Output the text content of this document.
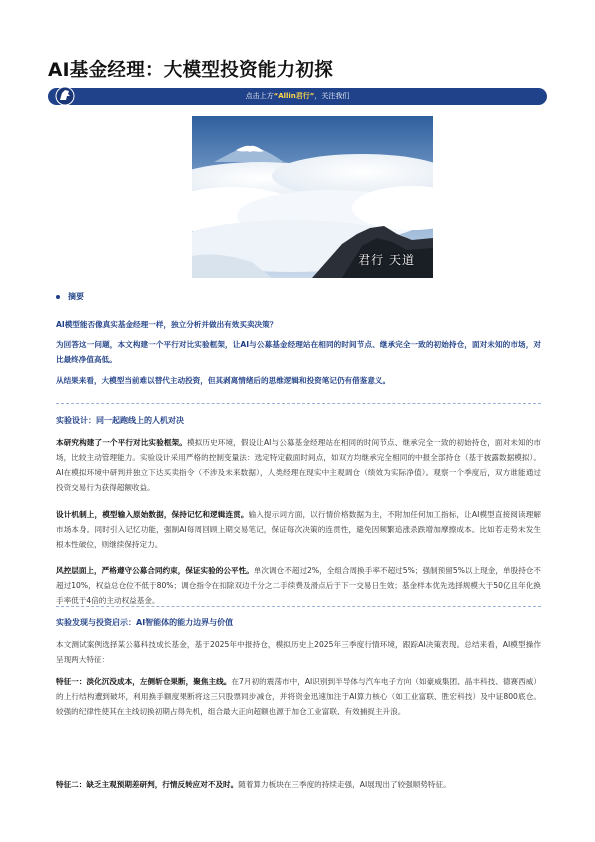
AI基金经理：大模型投资能力初探
点击上方“Allin君行”，关注我们
君行 天道
摘要

AI模型能否像真实基金经理一样，独立分析并做出有效买卖决策？

为回答这一问题，本文构建一个平行对比实验框架，让AI与公募基金经理站在相同的时间节点、继承完全一致的初始持仓，面对未知的市场，对比最终净值高低。

从结果来看，大模型当前难以替代主动投资，但其剥离情绪后的思维逻辑和投资笔记仍有借鉴意义。

实验设计：同一起跑线上的人机对决

本研究构建了一个平行对比实验框架。模拟历史环境，假设让AI与公募基金经理站在相同的时间节点、继承完全一致的初始持仓，面对未知的市场，比较主动管理能力。实验设计采用严格的控制变量法：选定特定截面时间点，如双方均继承完全相同的中报全部持仓（基于披露数据模拟）。AI在模拟环境中研判并独立下达买卖指令（不涉及未来数据），人类经理在现实中主观调仓（绩效为实际净值）。观察一个季度后，双方谁能通过投资交易行为获得超额收益。

设计机制上，模型输入原始数据，保持记忆和逻辑连贯。输入提示词方面，以行情价格数据为主，不附加任何加工指标，让AI模型直接阅读理解市场本身。同时引入记忆功能，强制AI每周回顾上期交易笔记，保证每次决策的连贯性，避免因频繁追涨杀跌增加摩擦成本。比如若走势未发生根本性破位，则继续保持定力。

风控层面上，严格遵守公募合同约束，保证实验的公平性。单次调仓不超过2%，全组合周换手率不超过5%；强制预留5%以上现金，单股持仓不超过10%，权益总仓位不低于80%；调仓指令在扣除双边千分之二手续费及滑点后于下一交易日生效；基金样本优先选择规模大于50亿且年化换手率低于4倍的主动权益基金。

实验发现与投资启示：AI智能体的能力边界与价值

本文测试案例选择某公募科技成长基金，基于2025年中报持仓，模拟历史上2025年三季度行情环境，跟踪AI决策表现。总结来看，AI模型操作呈现两大特征：

特征一：淡化沉没成本，左侧斩仓果断，聚焦主线。在7月初的震荡市中，AI识别到半导体与汽车电子方向（如豪威集团、晶丰科技、德赛西威）的上行结构遭到破坏，利用换手额度果断将这三只股票同步减仓，并将资金迅速加注于AI算力核心（如工业富联、胜宏科技）及中证800底仓。较强的纪律性使其在主线切换初期占得先机，组合最大正向超额也源于加仓工业富联、有效捕捉主升浪。

特征二：缺乏主观预期差研判，行情反转应对不及时。随着算力板块在三季度的持续走强，AI展现出了较强顺势特征。
